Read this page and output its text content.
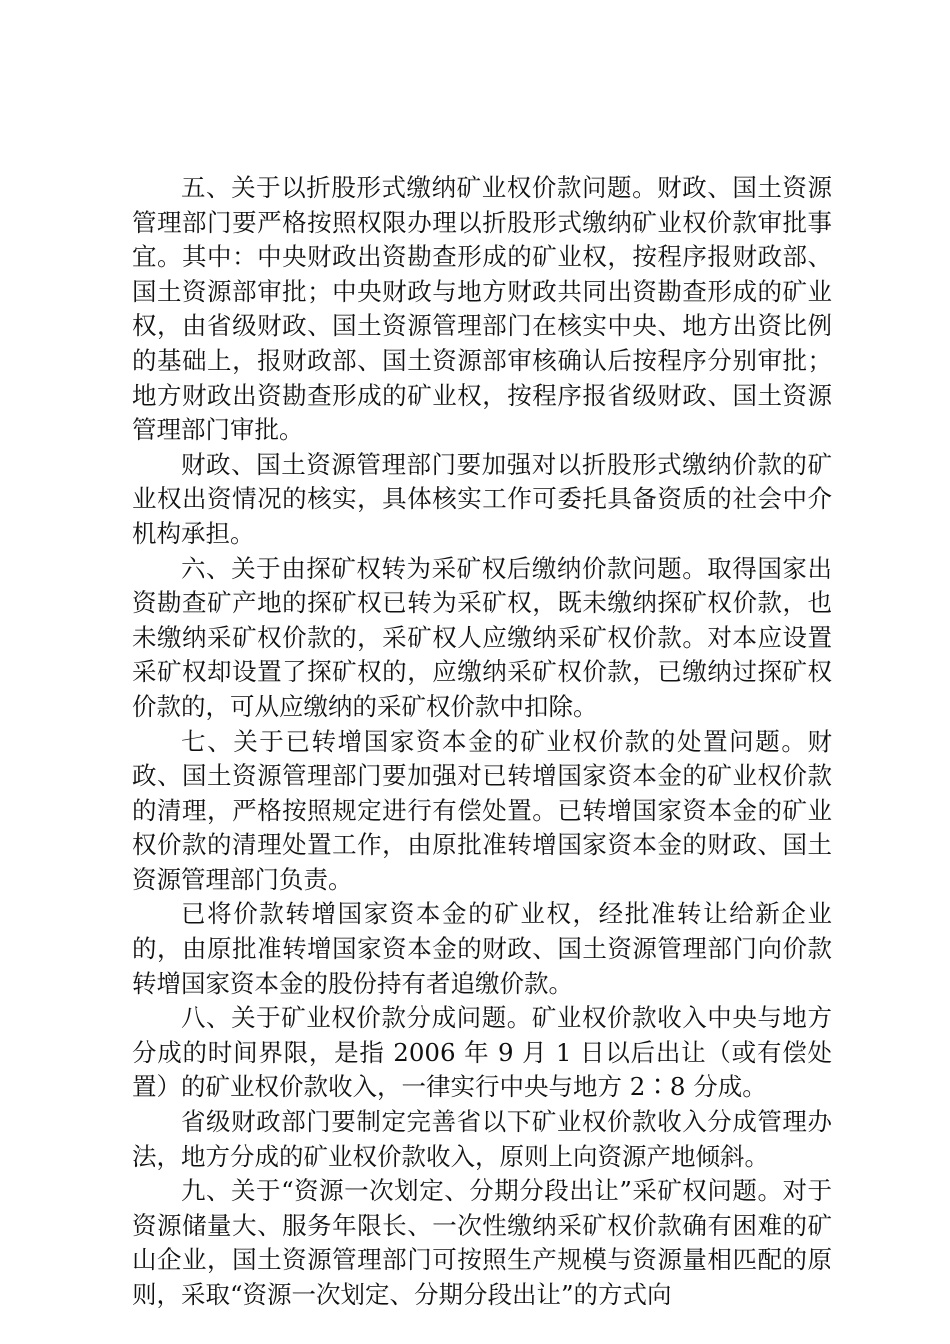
五、关于以折股形式缴纳矿业权价款问题。财政、国土资源管理部门要严格按照权限办理以折股形式缴纳矿业权价款审批事宜。其中：中央财政出资勘查形成的矿业权，按程序报财政部、国土资源部审批；中央财政与地方财政共同出资勘查形成的矿业权，由省级财政、国土资源管理部门在核实中央、地方出资比例的基础上，报财政部、国土资源部审核确认后按程序分别审批；地方财政出资勘查形成的矿业权，按程序报省级财政、国土资源管理部门审批。

财政、国土资源管理部门要加强对以折股形式缴纳价款的矿业权出资情况的核实，具体核实工作可委托具备资质的社会中介机构承担。

六、关于由探矿权转为采矿权后缴纳价款问题。取得国家出资勘查矿产地的探矿权已转为采矿权，既未缴纳探矿权价款，也未缴纳采矿权价款的，采矿权人应缴纳采矿权价款。对本应设置采矿权却设置了探矿权的，应缴纳采矿权价款，已缴纳过探矿权价款的，可从应缴纳的采矿权价款中扣除。

七、关于已转增国家资本金的矿业权价款的处置问题。财政、国土资源管理部门要加强对已转增国家资本金的矿业权价款的清理，严格按照规定进行有偿处置。已转增国家资本金的矿业权价款的清理处置工作，由原批准转增国家资本金的财政、国土资源管理部门负责。

已将价款转增国家资本金的矿业权，经批准转让给新企业的，由原批准转增国家资本金的财政、国土资源管理部门向价款转增国家资本金的股份持有者追缴价款。

八、关于矿业权价款分成问题。矿业权价款收入中央与地方分成的时间界限，是指 2006 年 9 月 1 日以后出让（或有偿处置）的矿业权价款收入，一律实行中央与地方 2∶8 分成。

省级财政部门要制定完善省以下矿业权价款收入分成管理办法，地方分成的矿业权价款收入，原则上向资源产地倾斜。

九、关于“资源一次划定、分期分段出让”采矿权问题。对于资源储量大、服务年限长、一次性缴纳采矿权价款确有困难的矿山企业，国土资源管理部门可按照生产规模与资源量相匹配的原则，采取“资源一次划定、分期分段出让”的方式向
